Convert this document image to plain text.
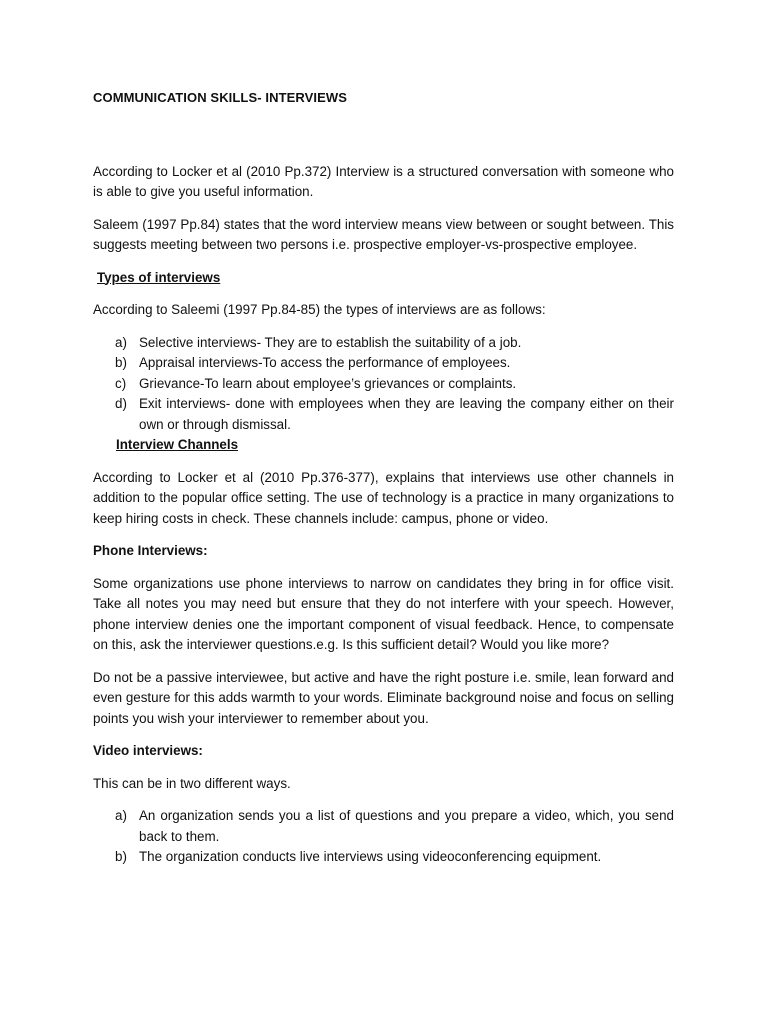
COMMUNICATION SKILLS- INTERVIEWS

According to Locker et al (2010 Pp.372) Interview is a structured conversation with someone who is able to give you useful information.

Saleem (1997 Pp.84) states that the word interview means view between or sought between. This suggests meeting between two persons i.e. prospective employer-vs-prospective employee.

Types of interviews

According to Saleemi (1997 Pp.84-85) the types of interviews are as follows:

a) Selective interviews- They are to establish the suitability of a job.
b) Appraisal interviews-To access the performance of employees.
c) Grievance-To learn about employee’s grievances or complaints.
d) Exit interviews- done with employees when they are leaving the company either on their own or through dismissal.

Interview Channels

According to Locker et al (2010 Pp.376-377), explains that interviews use other channels in addition to the popular office setting. The use of technology is a practice in many organizations to keep hiring costs in check. These channels include: campus, phone or video.

Phone Interviews:

Some organizations use phone interviews to narrow on candidates they bring in for office visit. Take all notes you may need but ensure that they do not interfere with your speech. However, phone interview denies one the important component of visual feedback. Hence, to compensate on this, ask the interviewer questions.e.g. Is this sufficient detail? Would you like more?

Do not be a passive interviewee, but active and have the right posture i.e. smile, lean forward and even gesture for this adds warmth to your words. Eliminate background noise and focus on selling points you wish your interviewer to remember about you.

Video interviews:

This can be in two different ways.

a) An organization sends you a list of questions and you prepare a video, which, you send back to them.
b) The organization conducts live interviews using videoconferencing equipment.
